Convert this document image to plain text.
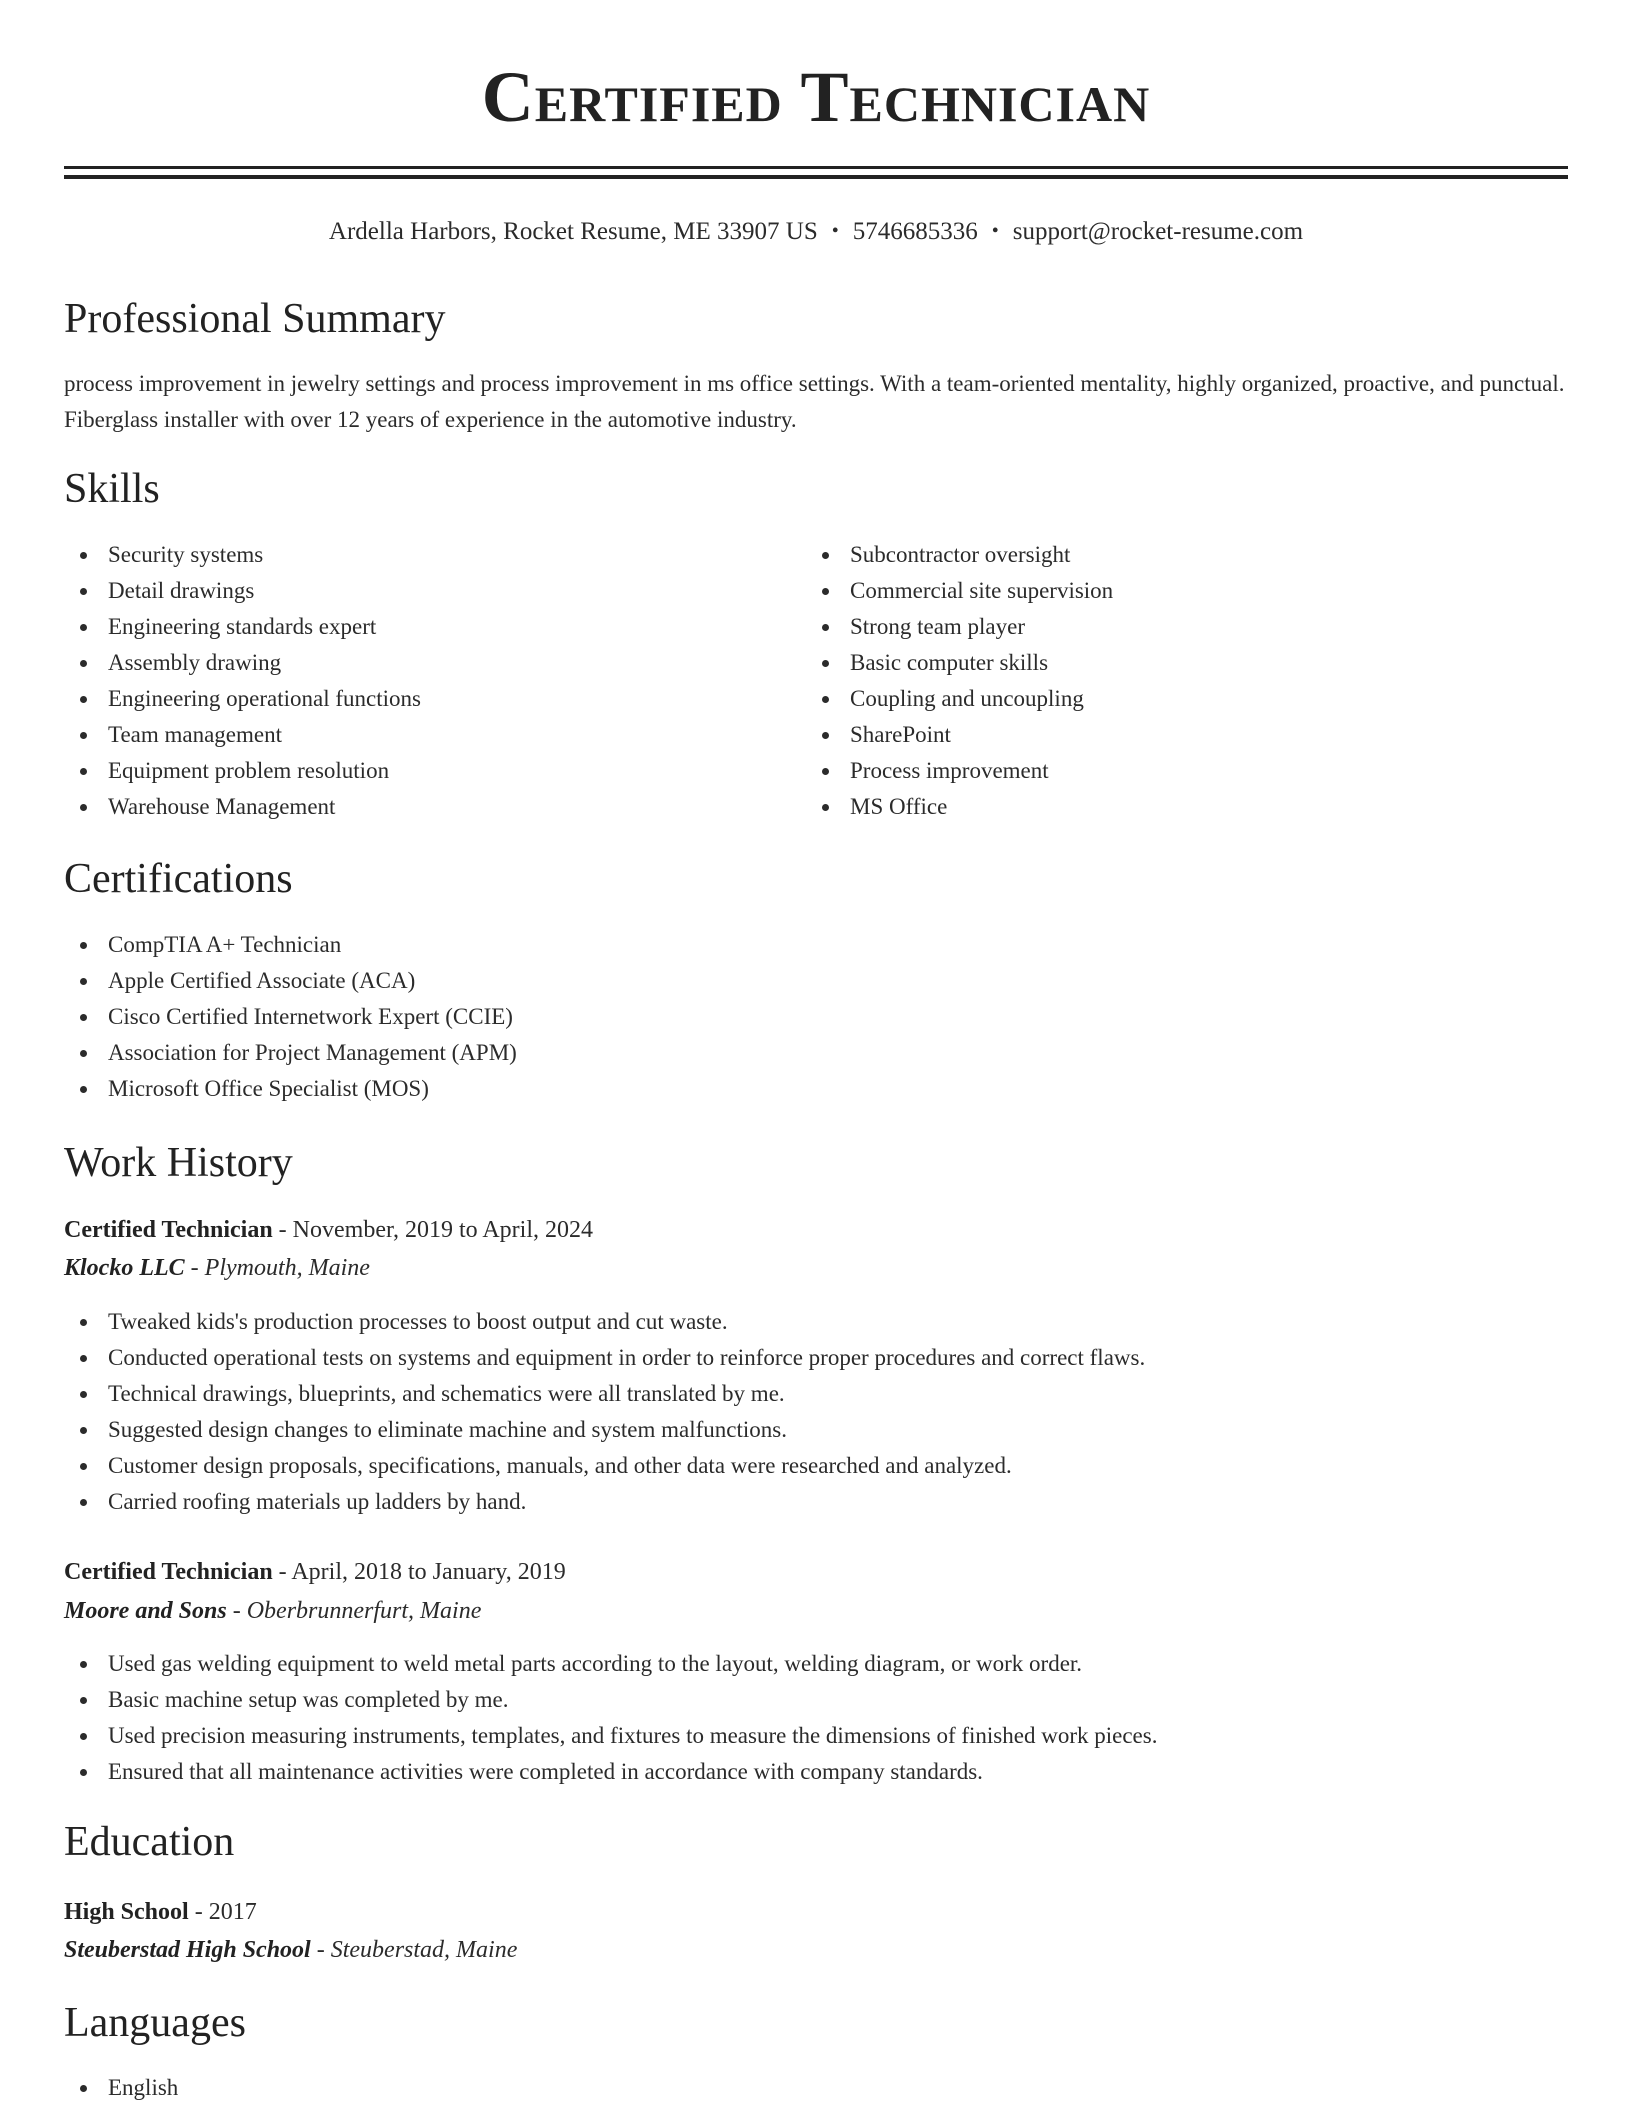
Certified Technician
Ardella Harbors, Rocket Resume, ME 33907 US • 5746685336 • support@rocket-resume.com
Professional Summary

process improvement in jewelry settings and process improvement in ms office settings. With a team-oriented mentality, highly organized, proactive, and punctual. Fiberglass installer with over 12 years of experience in the automotive industry.

Skills
Security systems
Detail drawings
Engineering standards expert
Assembly drawing
Engineering operational functions
Team management
Equipment problem resolution
Warehouse Management
Subcontractor oversight
Commercial site supervision
Strong team player
Basic computer skills
Coupling and uncoupling
SharePoint
Process improvement
MS Office
Certifications
CompTIA A+ Technician
Apple Certified Associate (ACA)
Cisco Certified Internetwork Expert (CCIE)
Association for Project Management (APM)
Microsoft Office Specialist (MOS)
Work History
Certified Technician - November, 2019 to April, 2024
Klocko LLC - Plymouth, Maine
Tweaked kids's production processes to boost output and cut waste.
Conducted operational tests on systems and equipment in order to reinforce proper procedures and correct flaws.
Technical drawings, blueprints, and schematics were all translated by me.
Suggested design changes to eliminate machine and system malfunctions.
Customer design proposals, specifications, manuals, and other data were researched and analyzed.
Carried roofing materials up ladders by hand.
Certified Technician - April, 2018 to January, 2019
Moore and Sons - Oberbrunnerfurt, Maine
Used gas welding equipment to weld metal parts according to the layout, welding diagram, or work order.
Basic machine setup was completed by me.
Used precision measuring instruments, templates, and fixtures to measure the dimensions of finished work pieces.
Ensured that all maintenance activities were completed in accordance with company standards.
Education
High School - 2017
Steuberstad High School - Steuberstad, Maine
Languages
English
